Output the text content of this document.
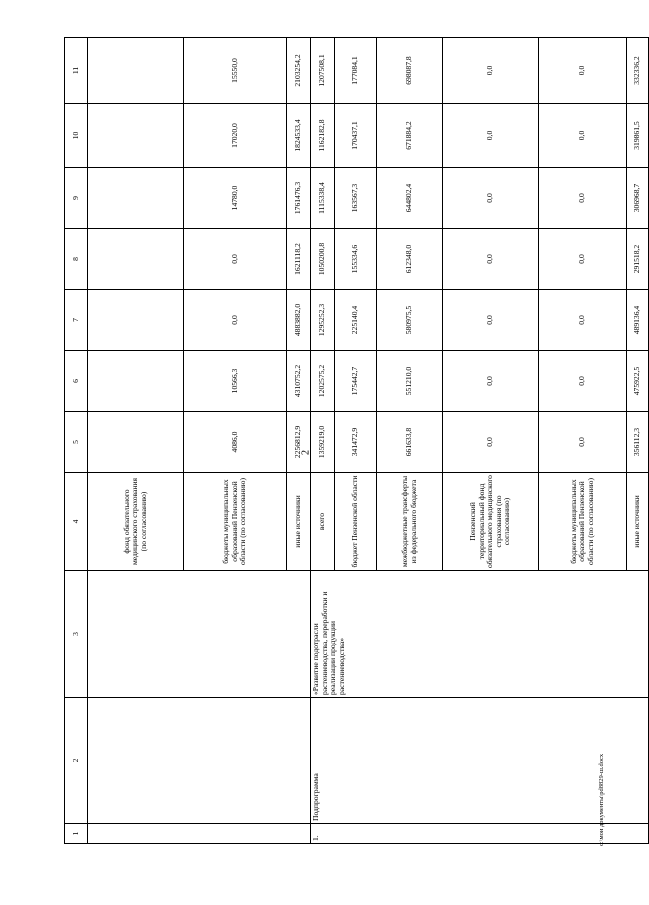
2
1	2	3	4	5	6	7	8	9	10	11
			фонд обязательного медицинского страхования (по согласованию)							
			бюджеты муниципальных образований Пензенской области (по согласованию)	4086,0	10566,3	0,0	0,0	14780,0	17020,0	15550,0
			иные источники	2256812,9	4310752,2	4883882,0	1621118,2	1761476,3	1824533,4	2103254,2
1.	Подпрограмма	«Развитие подотрасли растениеводства, переработки и реализации продукции растениеводства»	всего	1359219,0	1202575,2	1295252,3	1050200,8	1115338,4	1162182,8	1207508,1
			бюджет Пензенской области	341472,9	175442,7	225140,4	155334,6	163567,3	170437,1	177084,1
			межбюджетные трансферты из федерального бюджета	661633,8	551210,0	580975,5	612348,0	644802,4	671884,2	698087,8
			Пензенский территориальный фонд обязательного медицинского страхования (по согласованию)	0,0	0,0	0,0	0,0	0,0	0,0	0,0
			бюджеты муниципальных образований Пензенской области (по согласованию)	0,0	0,0	0,0	0,0	0,0	0,0	0,0
			иные источники	356112,3	475922,5	489136,4	291518,2	306968,7	319861,5	332336,2
c:\мои документы\pd8829-ш.docx
